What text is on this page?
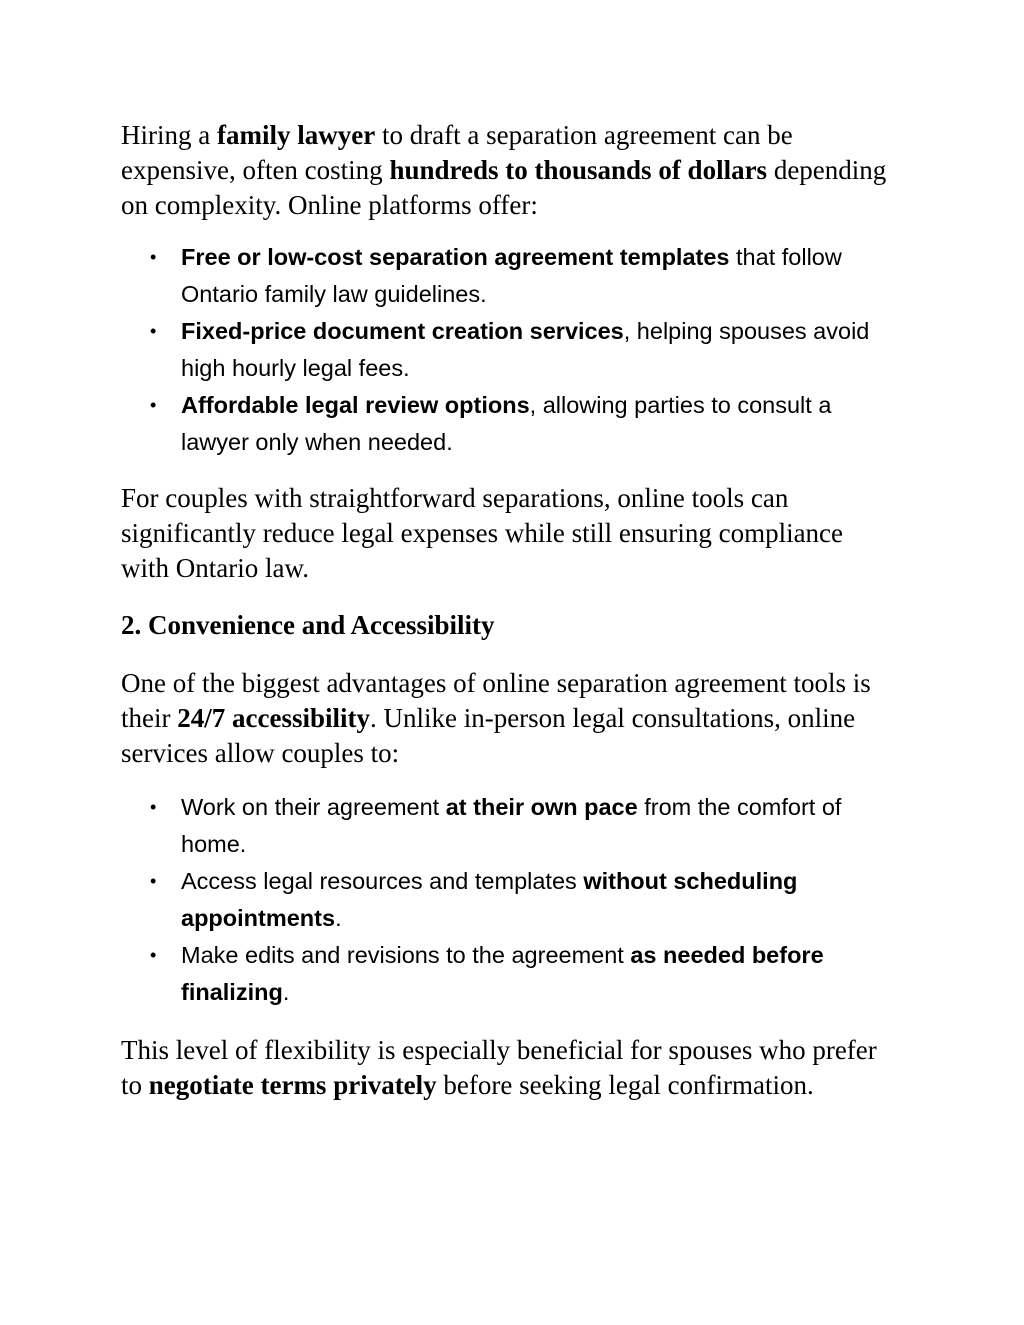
Hiring a family lawyer to draft a separation agreement can be expensive, often costing hundreds to thousands of dollars depending on complexity. Online platforms offer:

• Free or low-cost separation agreement templates that follow Ontario family law guidelines.
• Fixed-price document creation services, helping spouses avoid high hourly legal fees.
• Affordable legal review options, allowing parties to consult a lawyer only when needed.

For couples with straightforward separations, online tools can significantly reduce legal expenses while still ensuring compliance with Ontario law.

2. Convenience and Accessibility

One of the biggest advantages of online separation agreement tools is their 24/7 accessibility. Unlike in-person legal consultations, online services allow couples to:

• Work on their agreement at their own pace from the comfort of home.
• Access legal resources and templates without scheduling appointments.
• Make edits and revisions to the agreement as needed before finalizing.

This level of flexibility is especially beneficial for spouses who prefer to negotiate terms privately before seeking legal confirmation.
